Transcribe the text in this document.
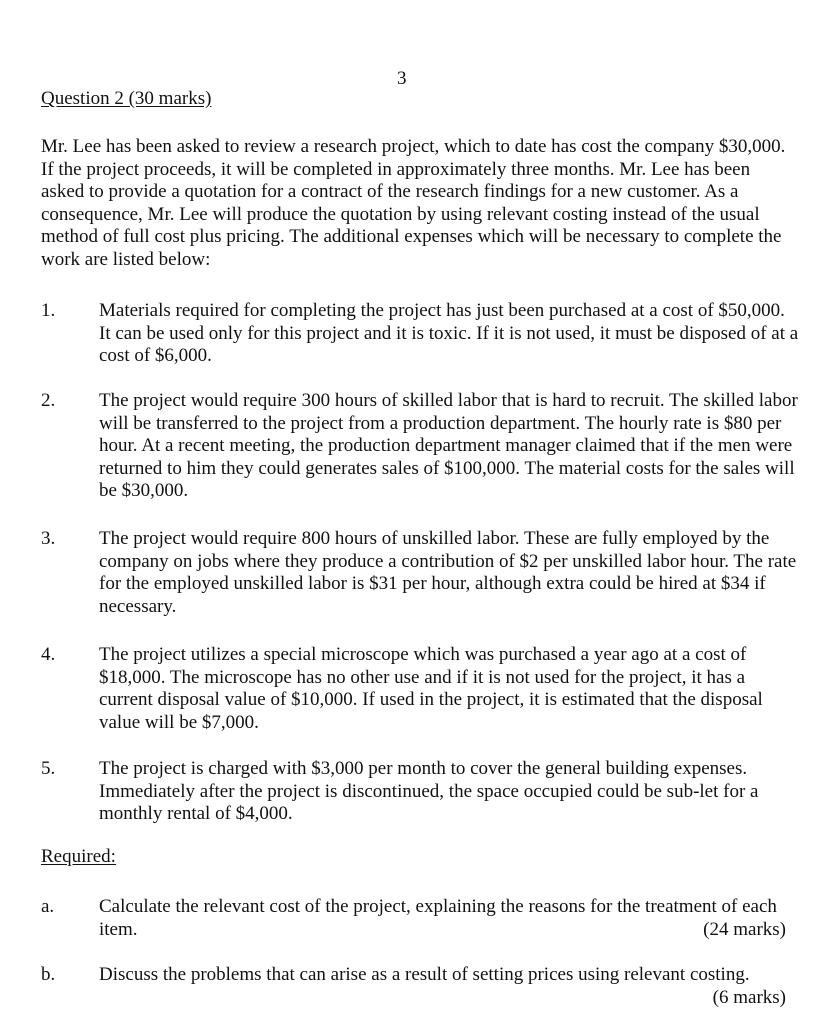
3
Question 2 (30 marks)

Mr. Lee has been asked to review a research project, which to date has cost the company $30,000. If the project proceeds, it will be completed in approximately three months. Mr. Lee has been asked to provide a quotation for a contract of the research findings for a new customer. As a consequence, Mr. Lee will produce the quotation by using relevant costing instead of the usual method of full cost plus pricing. The additional expenses which will be necessary to complete the work are listed below:

1. Materials required for completing the project has just been purchased at a cost of $50,000. It can be used only for this project and it is toxic. If it is not used, it must be disposed of at a cost of $6,000.
2. The project would require 300 hours of skilled labor that is hard to recruit. The skilled labor will be transferred to the project from a production department. The hourly rate is $80 per hour. At a recent meeting, the production department manager claimed that if the men were returned to him they could generates sales of $100,000. The material costs for the sales will be $30,000.
3. The project would require 800 hours of unskilled labor. These are fully employed by the company on jobs where they produce a contribution of $2 per unskilled labor hour. The rate for the employed unskilled labor is $31 per hour, although extra could be hired at $34 if necessary.
4. The project utilizes a special microscope which was purchased a year ago at a cost of $18,000. The microscope has no other use and if it is not used for the project, it has a current disposal value of $10,000. If used in the project, it is estimated that the disposal value will be $7,000.
5. The project is charged with $3,000 per month to cover the general building expenses. Immediately after the project is discontinued, the space occupied could be sub-let for a monthly rental of $4,000.
Required:
a. Calculate the relevant cost of the project, explaining the reasons for the treatment of each item.	(24 marks)
b. Discuss the problems that can arise as a result of setting prices using relevant costing.
(6 marks)
